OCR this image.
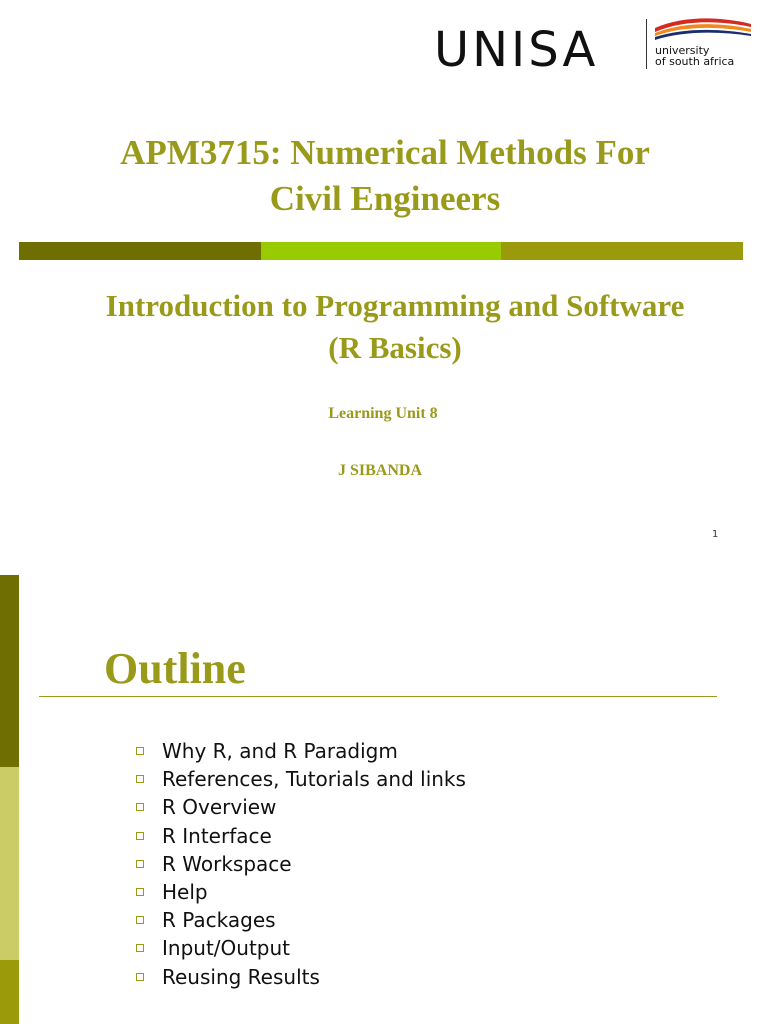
UNISA	university
of south africa
APM3715: Numerical Methods For
Civil Engineers
Introduction to Programming and Software
(R Basics)
Learning Unit 8
J SIBANDA
1
Outline
Why R, and R Paradigm
References, Tutorials and links
R Overview
R Interface
R Workspace
Help
R Packages
Input/Output
Reusing Results
